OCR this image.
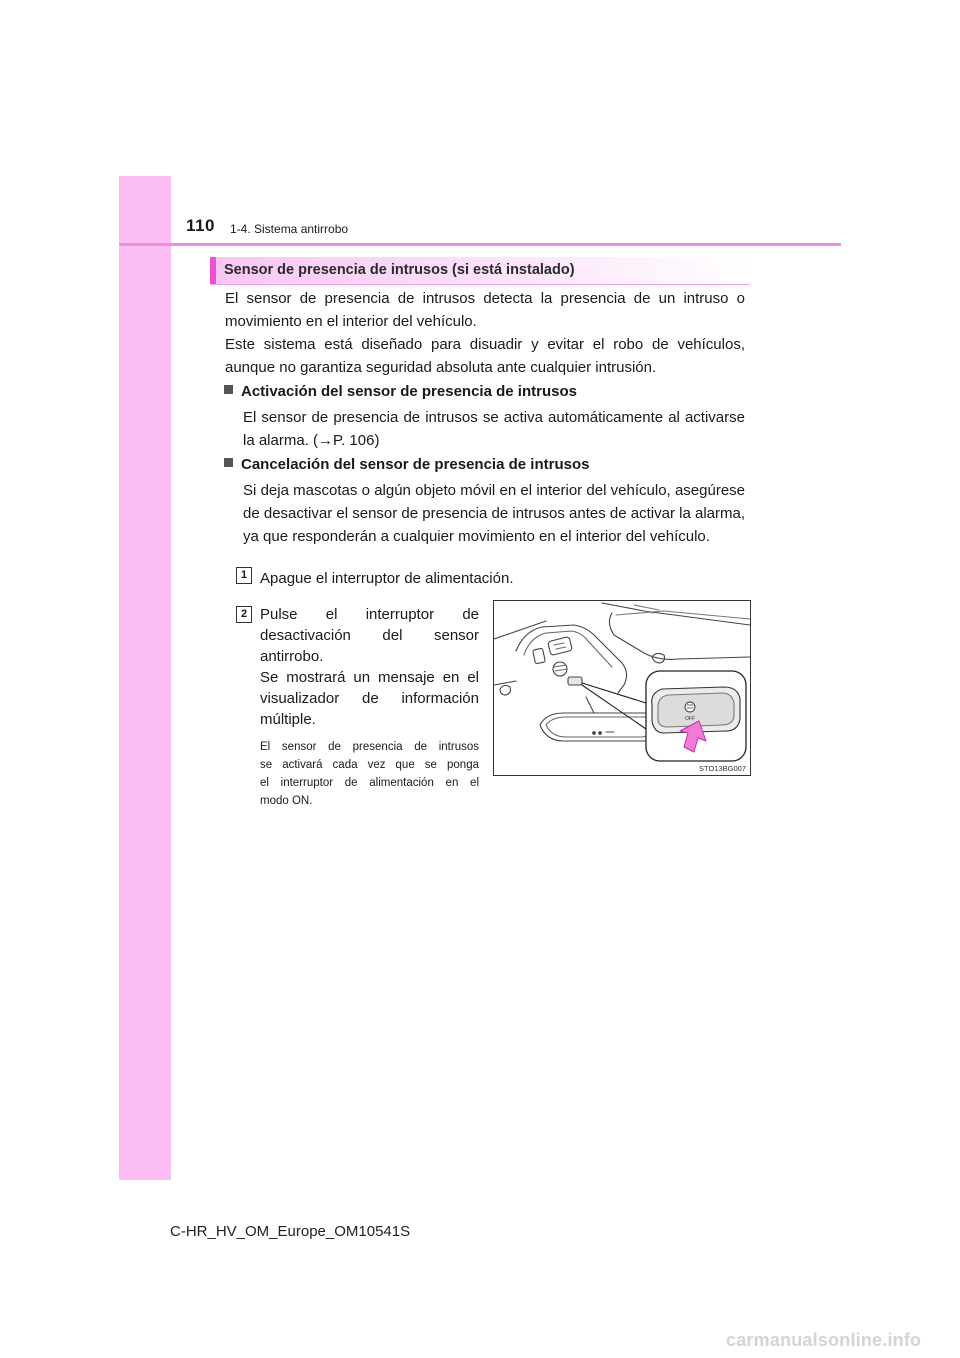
110 1-4. Sistema antirrobo
Sensor de presencia de intrusos (si está instalado)
El sensor de presencia de intrusos detecta la presencia de un intruso o movimiento en el interior del vehículo.
Este sistema está diseñado para disuadir y evitar el robo de vehículos, aunque no garantiza seguridad absoluta ante cualquier intrusión.
Activación del sensor de presencia de intrusos
El sensor de presencia de intrusos se activa automáticamente al activarse la alarma. (→P. 106)
Cancelación del sensor de presencia de intrusos
Si deja mascotas o algún objeto móvil en el interior del vehículo, asegúrese de desactivar el sensor de presencia de intrusos antes de activar la alarma, ya que responderán a cualquier movimiento en el interior del vehículo.
1 Apague el interruptor de alimentación.
2 Pulse el interruptor de
desactivación del sensor
antirrobo.
Se mostrará un mensaje en el
visualizador de información
múltiple.
El sensor de presencia de intrusos
se activará cada vez que se ponga
el interruptor de alimentación en el
modo ON.
OFF
STO13BG007
C-HR_HV_OM_Europe_OM10541S
carmanualsonline.info
